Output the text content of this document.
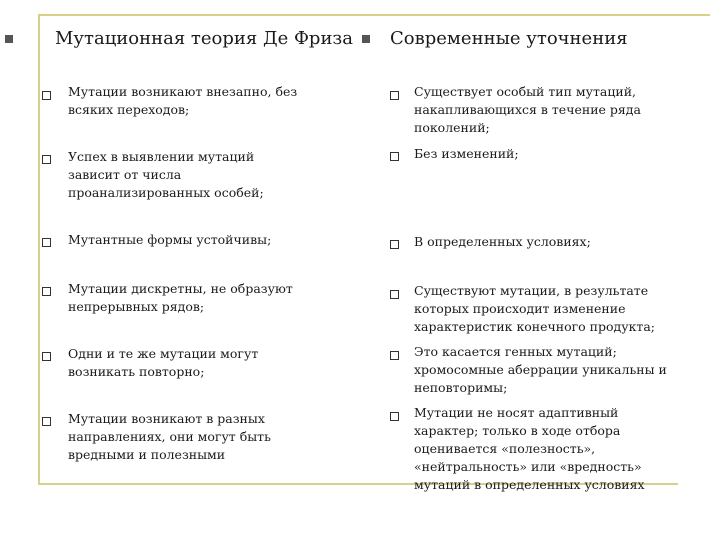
Мутационная теория Де Фриза Современные уточнения
Мутации возникают внезапно, без
всяких переходов;
Успех в выявлении мутаций
зависит от числа
проанализированных особей;
Мутантные формы устойчивы;
Мутации дискретны, не образуют
непрерывных рядов;
Одни и те же мутации могут
возникать повторно;
Мутации возникают в разных
направлениях, они могут быть
вредными и полезными
Существует особый тип мутаций,
накапливающихся в течение ряда
поколений;
Без изменений;
В определенных условиях;
Существуют мутации, в результате
которых происходит изменение
характеристик конечного продукта;
Это касается генных мутаций;
хромосомные аберрации уникальны и
неповторимы;
Мутации не носят адаптивный
характер; только в ходе отбора
оценивается «полезность»,
«нейтральность» или «вредность»
мутаций в определенных условиях
